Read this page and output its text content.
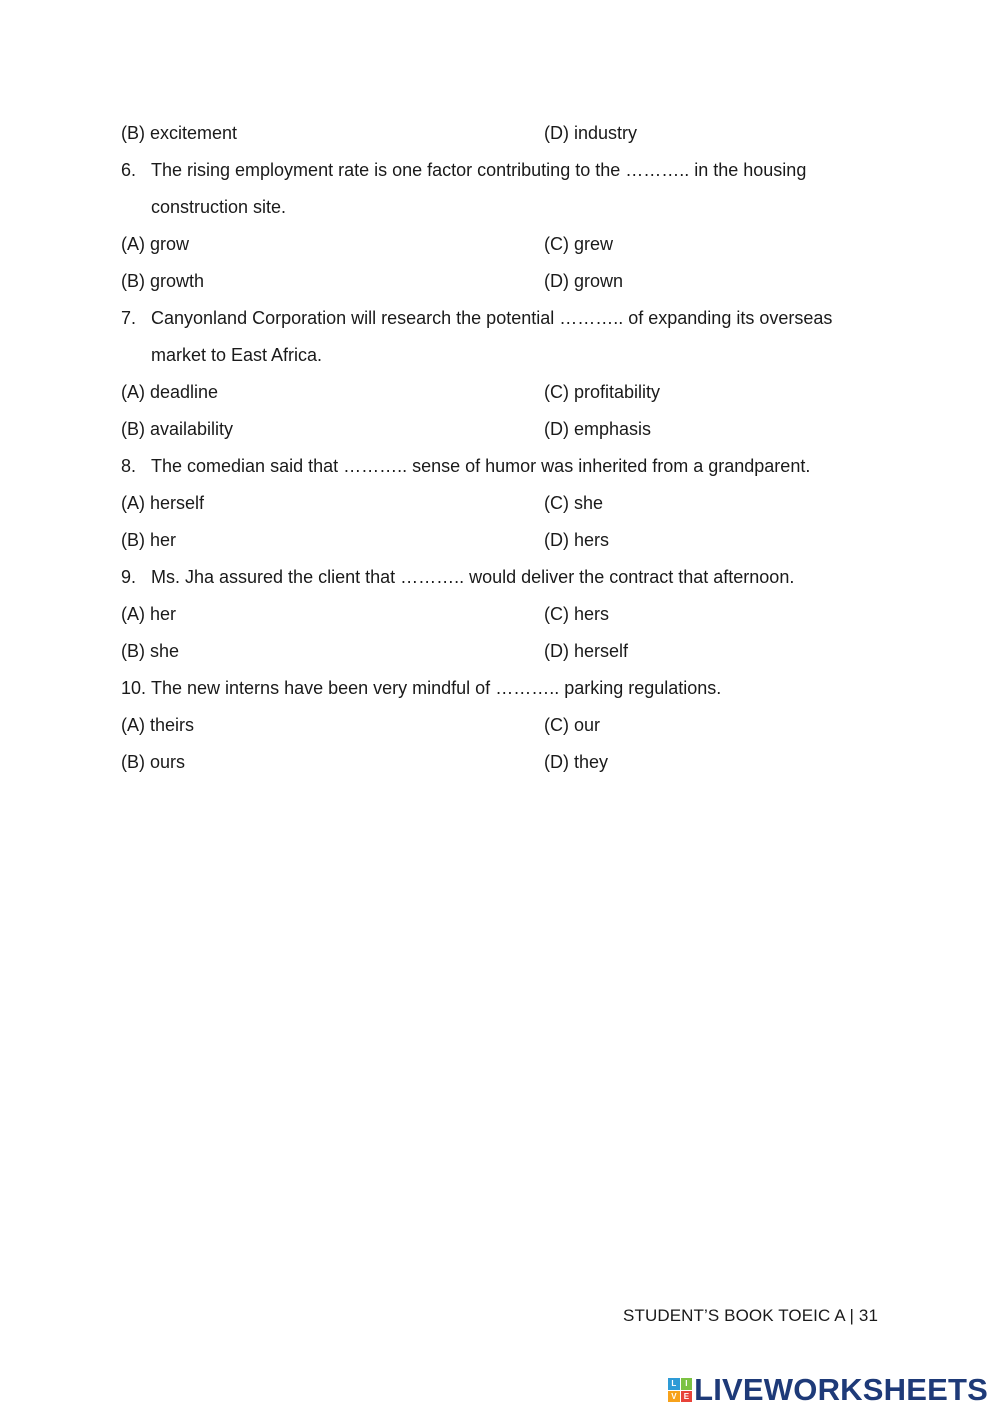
(B) excitement	(D) industry
6. The rising employment rate is one factor contributing to the ……….. in the housing construction site.
(A) grow	(C) grew
(B) growth	(D) grown
7. Canyonland Corporation will research the potential ……….. of expanding its overseas market to East Africa.
(A) deadline	(C) profitability
(B) availability	(D) emphasis
8. The comedian said that ……….. sense of humor was inherited from a grandparent.
(A) herself	(C) she
(B) her	(D) hers
9. Ms. Jha assured the client that ……….. would deliver the contract that afternoon.
(A) her	(C) hers
(B) she	(D) herself
10. The new interns have been very mindful of ……….. parking regulations.
(A) theirs	(C) our
(B) ours	(D) they
STUDENT’S BOOK TOEIC A | 31
L	I
V E LIVEWORKSHEETS
